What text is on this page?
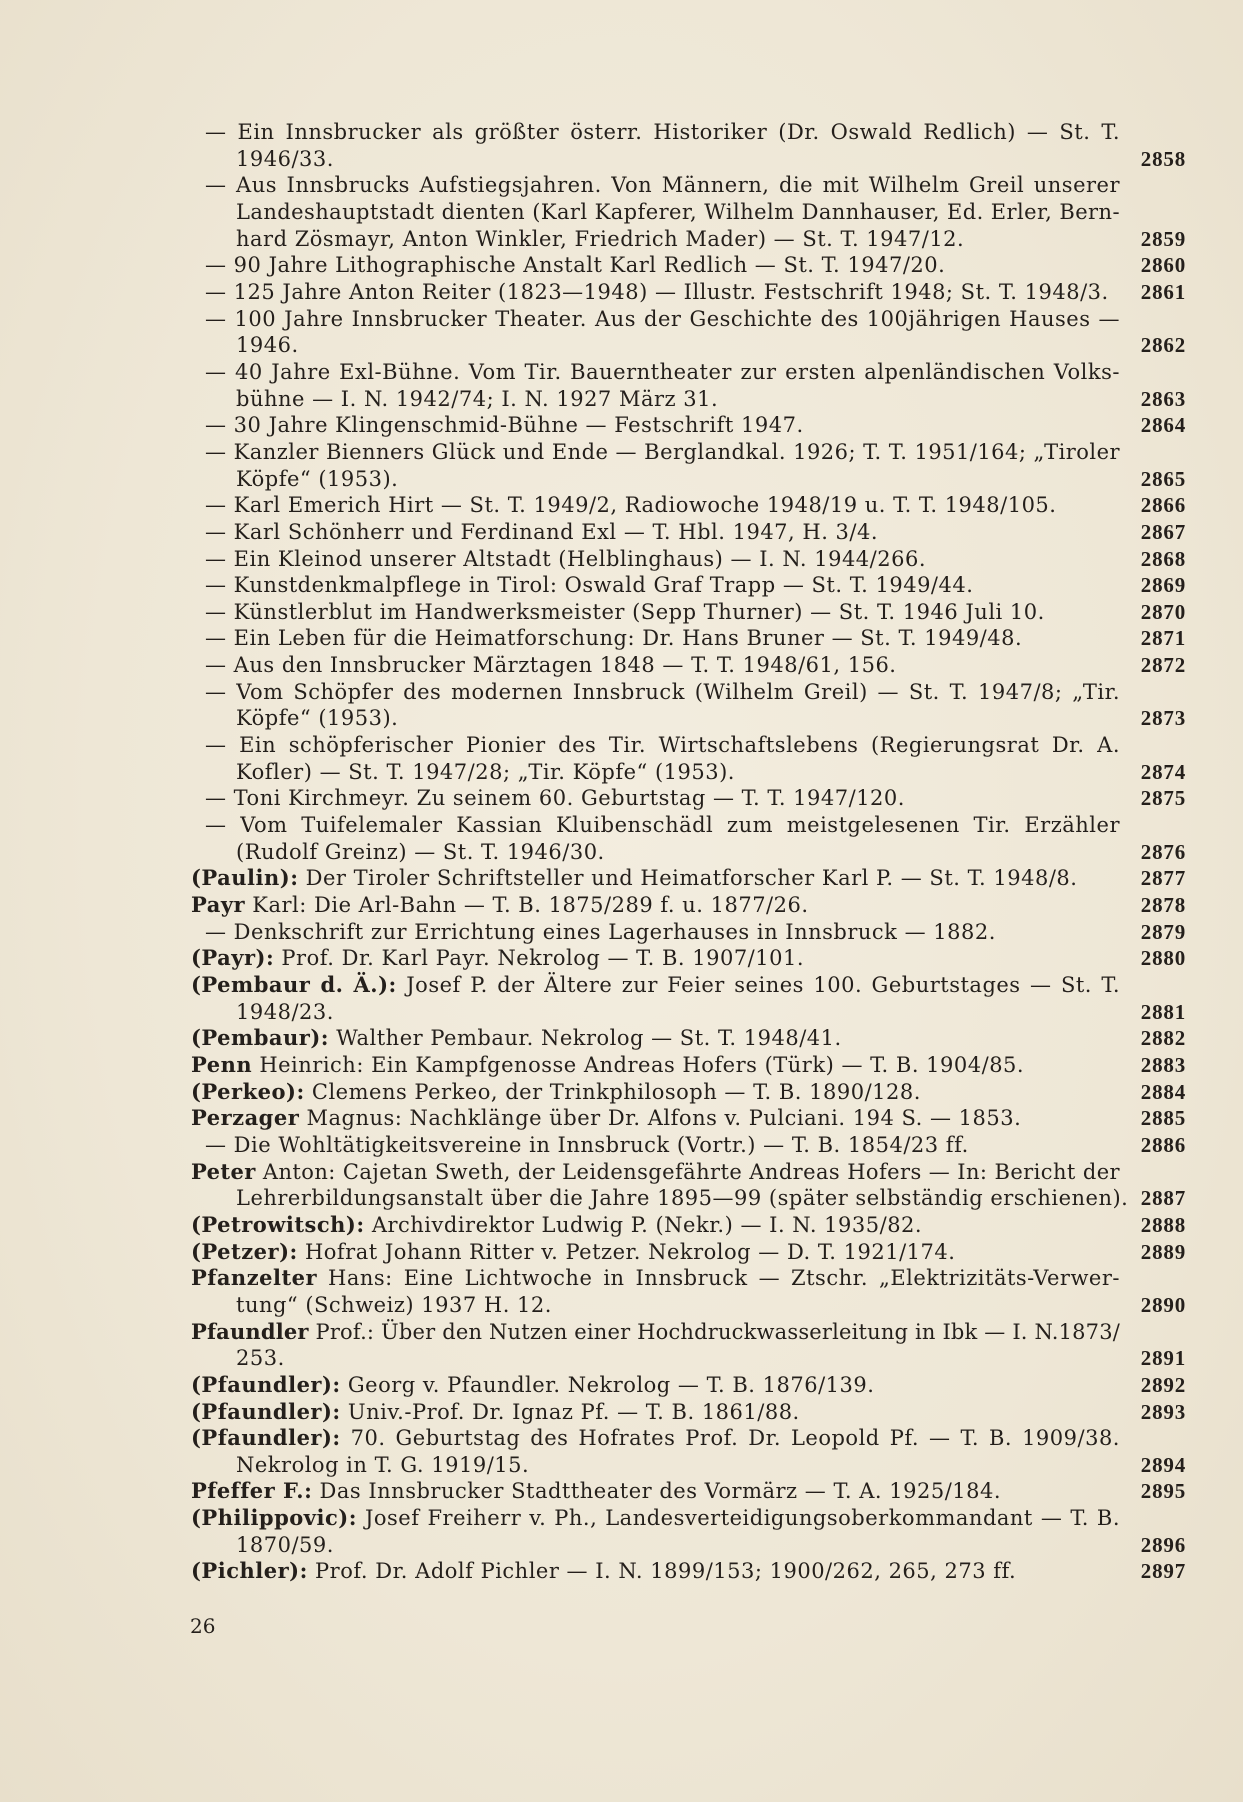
— Ein Innsbrucker als größter österr. Historiker (Dr. Oswald Redlich) — St. T.
1946/33.	2858
— Aus Innsbrucks Aufstiegsjahren. Von Männern, die mit Wilhelm Greil unserer
Landeshauptstadt dienten (Karl Kapferer, Wilhelm Dannhauser, Ed. Erler, Bern-
hard Zösmayr, Anton Winkler, Friedrich Mader) — St. T. 1947/12.	2859
— 90 Jahre Lithographische Anstalt Karl Redlich — St. T. 1947/20.	2860
— 125 Jahre Anton Reiter (1823—1948) — Illustr. Festschrift 1948; St. T. 1948/3. 2861
— 100 Jahre Innsbrucker Theater. Aus der Geschichte des 100jährigen Hauses —
1946.	2862
— 40 Jahre Exl-Bühne. Vom Tir. Bauerntheater zur ersten alpenländischen Volks-
bühne — I. N. 1942/74; I. N. 1927 März 31.	2863
— 30 Jahre Klingenschmid-Bühne — Festschrift 1947.	2864
— Kanzler Bienners Glück und Ende — Berglandkal. 1926; T. T. 1951/164; „Tiroler
Köpfe“ (1953).	2865
— Karl Emerich Hirt — St. T. 1949/2, Radiowoche 1948/19 u. T. T. 1948/105.	2866
— Karl Schönherr und Ferdinand Exl — T. Hbl. 1947, H. 3/4.	2867
— Ein Kleinod unserer Altstadt (Helblinghaus) — I. N. 1944/266.	2868
— Kunstdenkmalpflege in Tirol: Oswald Graf Trapp — St. T. 1949/44.	2869
— Künstlerblut im Handwerksmeister (Sepp Thurner) — St. T. 1946 Juli 10.	2870
— Ein Leben für die Heimatforschung: Dr. Hans Bruner — St. T. 1949/48.	2871
— Aus den Innsbrucker Märztagen 1848 — T. T. 1948/61, 156.	2872
— Vom Schöpfer des modernen Innsbruck (Wilhelm Greil) — St. T. 1947/8; „Tir.
Köpfe“ (1953).	2873
— Ein schöpferischer Pionier des Tir. Wirtschaftslebens (Regierungsrat Dr. A.
Kofler) — St. T. 1947/28; „Tir. Köpfe“ (1953).	2874
— Toni Kirchmeyr. Zu seinem 60. Geburtstag — T. T. 1947/120.	2875
— Vom Tuifelemaler Kassian Kluibenschädl zum meistgelesenen Tir. Erzähler
(Rudolf Greinz) — St. T. 1946/30.	2876
(Paulin): Der Tiroler Schriftsteller und Heimatforscher Karl P. — St. T. 1948/8.	2877
Payr Karl: Die Arl-Bahn — T. B. 1875/289 f. u. 1877/26.	2878
— Denkschrift zur Errichtung eines Lagerhauses in Innsbruck — 1882.	2879
(Payr): Prof. Dr. Karl Payr. Nekrolog — T. B. 1907/101.	2880
(Pembaur d. Ä.): Josef P. der Ältere zur Feier seines 100. Geburtstages — St. T.
1948/23.	2881
(Pembaur): Walther Pembaur. Nekrolog — St. T. 1948/41.	2882
Penn Heinrich: Ein Kampfgenosse Andreas Hofers (Türk) — T. B. 1904/85.	2883
(Perkeo): Clemens Perkeo, der Trinkphilosoph — T. B. 1890/128.	2884
Perzager Magnus: Nachklänge über Dr. Alfons v. Pulciani. 194 S. — 1853.	2885
— Die Wohltätigkeitsvereine in Innsbruck (Vortr.) — T. B. 1854/23 ff.	2886
Peter Anton: Cajetan Sweth, der Leidensgefährte Andreas Hofers — In: Bericht der
Lehrerbildungsanstalt über die Jahre 1895—99 (später selbständig erschienen). 2887
(Petrowitsch): Archivdirektor Ludwig P. (Nekr.) — I. N. 1935/82.	2888
(Petzer): Hofrat Johann Ritter v. Petzer. Nekrolog — D. T. 1921/174.	2889
Pfanzelter Hans: Eine Lichtwoche in Innsbruck — Ztschr. „Elektrizitäts-Verwer-
tung“ (Schweiz) 1937 H. 12.	2890
Pfaundler Prof.: Über den Nutzen einer Hochdruckwasserleitung in Ibk — I. N.1873/
253.	2891
(Pfaundler): Georg v. Pfaundler. Nekrolog — T. B. 1876/139.	2892
(Pfaundler): Univ.-Prof. Dr. Ignaz Pf. — T. B. 1861/88.	2893
(Pfaundler): 70. Geburtstag des Hofrates Prof. Dr. Leopold Pf. — T. B. 1909/38.
Nekrolog in T. G. 1919/15.	2894
Pfeffer F.: Das Innsbrucker Stadttheater des Vormärz — T. A. 1925/184.	2895
(Philippovic): Josef Freiherr v. Ph., Landesverteidigungsoberkommandant — T. B.
1870/59.	2896
(Pichler): Prof. Dr. Adolf Pichler — I. N. 1899/153; 1900/262, 265, 273 ff.	2897
26
